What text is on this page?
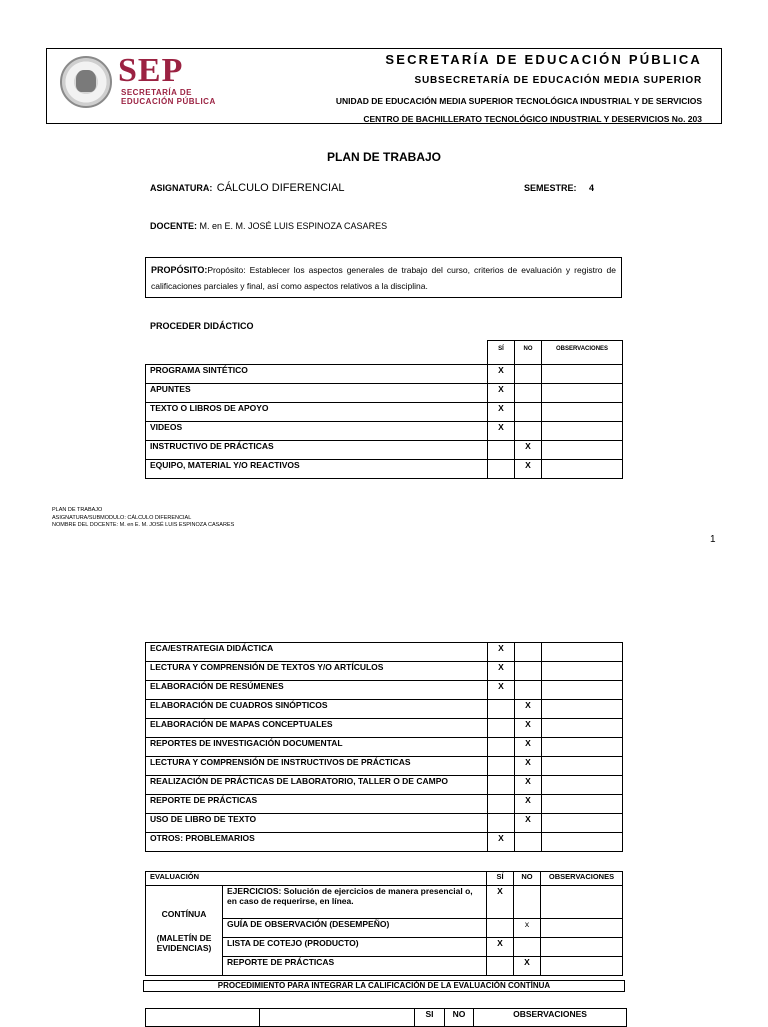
SEP
SECRETARÍA DE
EDUCACIÓN PÚBLICA
SECRETARÍA DE EDUCACIÓN PÚBLICA
SUBSECRETARÍA DE EDUCACIÓN MEDIA SUPERIOR
UNIDAD DE EDUCACIÓN MEDIA SUPERIOR TECNOLÓGICA INDUSTRIAL Y DE SERVICIOS
CENTRO DE BACHILLERATO TECNOLÓGICO INDUSTRIAL Y DESERVICIOS No. 203
PLAN DE TRABAJO
ASIGNATURA: CÁLCULO DIFERENCIAL	SEMESTRE: 4
DOCENTE: M. en E. M. JOSÉ LUIS ESPINOZA CASARES
PROPÓSITO:Propósito: Establecer los aspectos generales de trabajo del curso, criterios de evaluación y registro de calificaciones parciales y final, así como aspectos relativos a la disciplina.
PROCEDER DIDÁCTICO
	SÍ	NO	OBSERVACIONES
PROGRAMA SINTÉTICO	X		
APUNTES	X		
TEXTO O LIBROS DE APOYO	X		
VIDEOS	X		
INSTRUCTIVO DE PRÁCTICAS		X	
EQUIPO, MATERIAL Y/O REACTIVOS		X	
PLAN DE TRABAJO
ASIGNATURA/SUBMODULO: CÁLCULO DIFERENCIAL
NOMBRE DEL DOCENTE: M. en E. M. JOSÉ LUIS ESPINOZA CASARES
1
ECA/ESTRATEGIA DIDÁCTICA	X		
LECTURA Y COMPRENSIÓN DE TEXTOS Y/O ARTÍCULOS	X		
ELABORACIÓN DE RESÚMENES	X		
ELABORACIÓN DE CUADROS SINÓPTICOS		X	
ELABORACIÓN DE MAPAS CONCEPTUALES		X	
REPORTES DE INVESTIGACIÓN DOCUMENTAL		X	
LECTURA Y COMPRENSIÓN DE INSTRUCTIVOS DE PRÁCTICAS		X	
REALIZACIÓN DE PRÁCTICAS DE LABORATORIO, TALLER O DE CAMPO		X	
REPORTE DE PRÁCTICAS		X	
USO DE LIBRO DE TEXTO		X	
OTROS: PROBLEMARIOS	X		
EVALUACIÓN		SÍ	NO	OBSERVACIONES

CONTÍNUA
(MALETÍN DE EVIDENCIAS)	EJERCICIOS: Solución de ejercicios de manera presencial o, en caso de requerirse, en línea.	X		
	GUÍA DE OBSERVACIÓN (DESEMPEÑO)		x	
	LISTA DE COTEJO (PRODUCTO)	X		
	REPORTE DE PRÁCTICAS		X	
PROCEDIMIENTO PARA INTEGRAR LA CALIFICACIÓN DE LA EVALUACIÓN CONTÍNUA
		SI	NO	OBSERVACIONES
